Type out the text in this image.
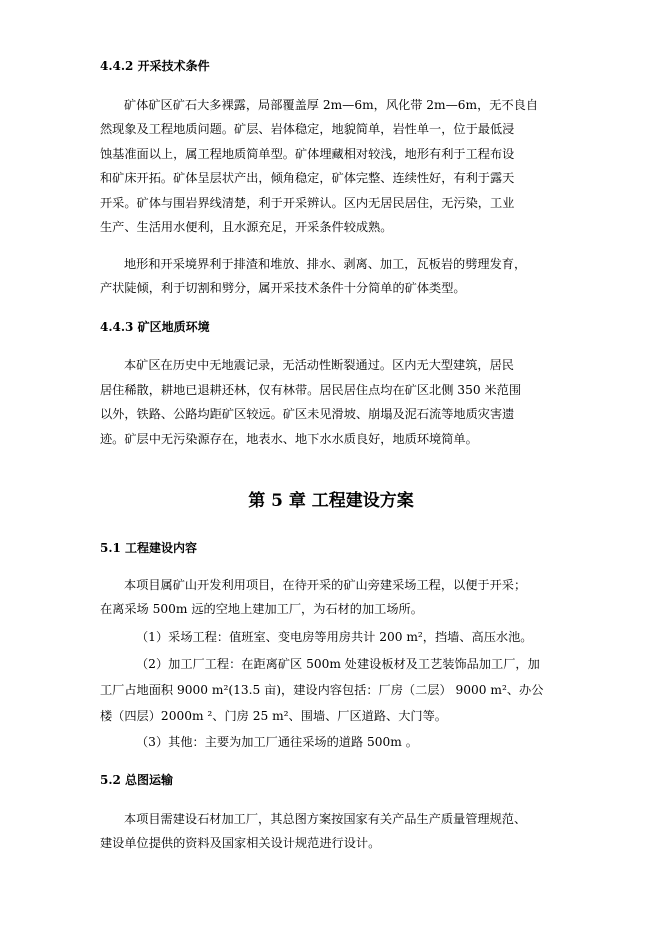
4.4.2 开采技术条件
矿体矿区矿石大多裸露，局部覆盖厚 2m—6m，风化带 2m—6m，无不良自
然现象及工程地质问题。矿层、岩体稳定，地貌简单，岩性单一，位于最低浸
蚀基准面以上，属工程地质简单型。矿体埋藏相对较浅，地形有利于工程布设
和矿床开拓。矿体呈层状产出，倾角稳定，矿体完整、连续性好，有利于露天
开采。矿体与围岩界线清楚，利于开采辨认。区内无居民居住，无污染，工业
生产、生活用水便利，且水源充足，开采条件较成熟。
地形和开采境界利于排渣和堆放、排水、剥离、加工，瓦板岩的劈理发育，
产状陡倾，利于切割和劈分，属开采技术条件十分简单的矿体类型。
4.4.3 矿区地质环境
本矿区在历史中无地震记录，无活动性断裂通过。区内无大型建筑，居民
居住稀散，耕地已退耕还林，仅有林带。居民居住点均在矿区北侧 350 米范围
以外，铁路、公路均距矿区较远。矿区未见滑坡、崩塌及泥石流等地质灾害遗
迹。矿层中无污染源存在，地表水、地下水水质良好，地质环境简单。
第 5 章 工程建设方案
5.1 工程建设内容
本项目属矿山开发利用项目，在待开采的矿山旁建采场工程，以便于开采；
在离采场 500m 远的空地上建加工厂，为石材的加工场所。
（1）采场工程：值班室、变电房等用房共计 200 m²，挡墙、高压水池。
（2）加工厂工程：在距离矿区 500m 处建设板材及工艺装饰品加工厂，加
工厂占地面积 9000 m²(13.5 亩)，建设内容包括：厂房（二层） 9000 m²、办公
楼（四层）2000m ²、门房 25 m²、围墙、厂区道路、大门等。
（3）其他：主要为加工厂通往采场的道路 500m 。
5.2 总图运输
本项目需建设石材加工厂，其总图方案按国家有关产品生产质量管理规范、
建设单位提供的资料及国家相关设计规范进行设计。
